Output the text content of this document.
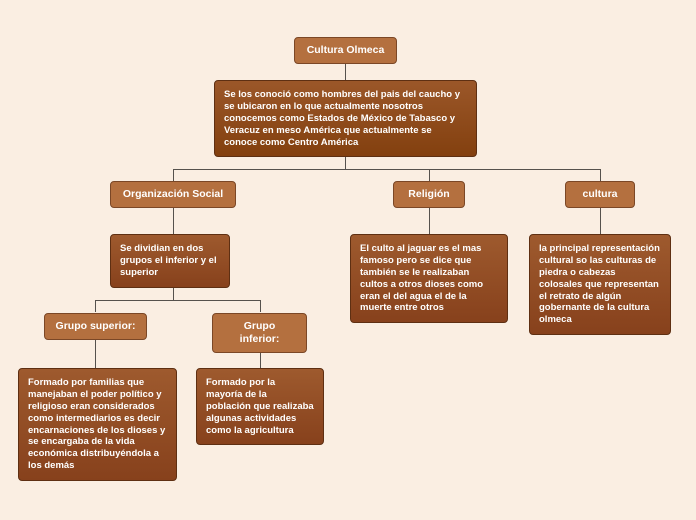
Cultura Olmeca
Se los conoció como hombres del pais del caucho y se ubicaron en lo que actualmente nosotros conocemos como Estados de México de Tabasco y Veracuz en meso América que actualmente se conoce como Centro América
Organización Social	Religión	cultura
Se dividian en dos grupos el inferior y el superior
El culto al jaguar es el mas famoso pero se dice que también se le realizaban cultos a otros dioses como eran el del agua el de la muerte entre otros
la principal representación cultural so las culturas de piedra o cabezas colosales que representan el retrato de algún gobernante de la cultura olmeca
Grupo superior:	Grupo inferior:
Formado por familias que manejaban el poder político y religioso eran considerados como intermediarios es decir encarnaciones de los dioses y se encargaba de la vida económica distribuyéndola a los demás
Formado por la mayoría de la población que realizaba algunas actividades como la agricultura
